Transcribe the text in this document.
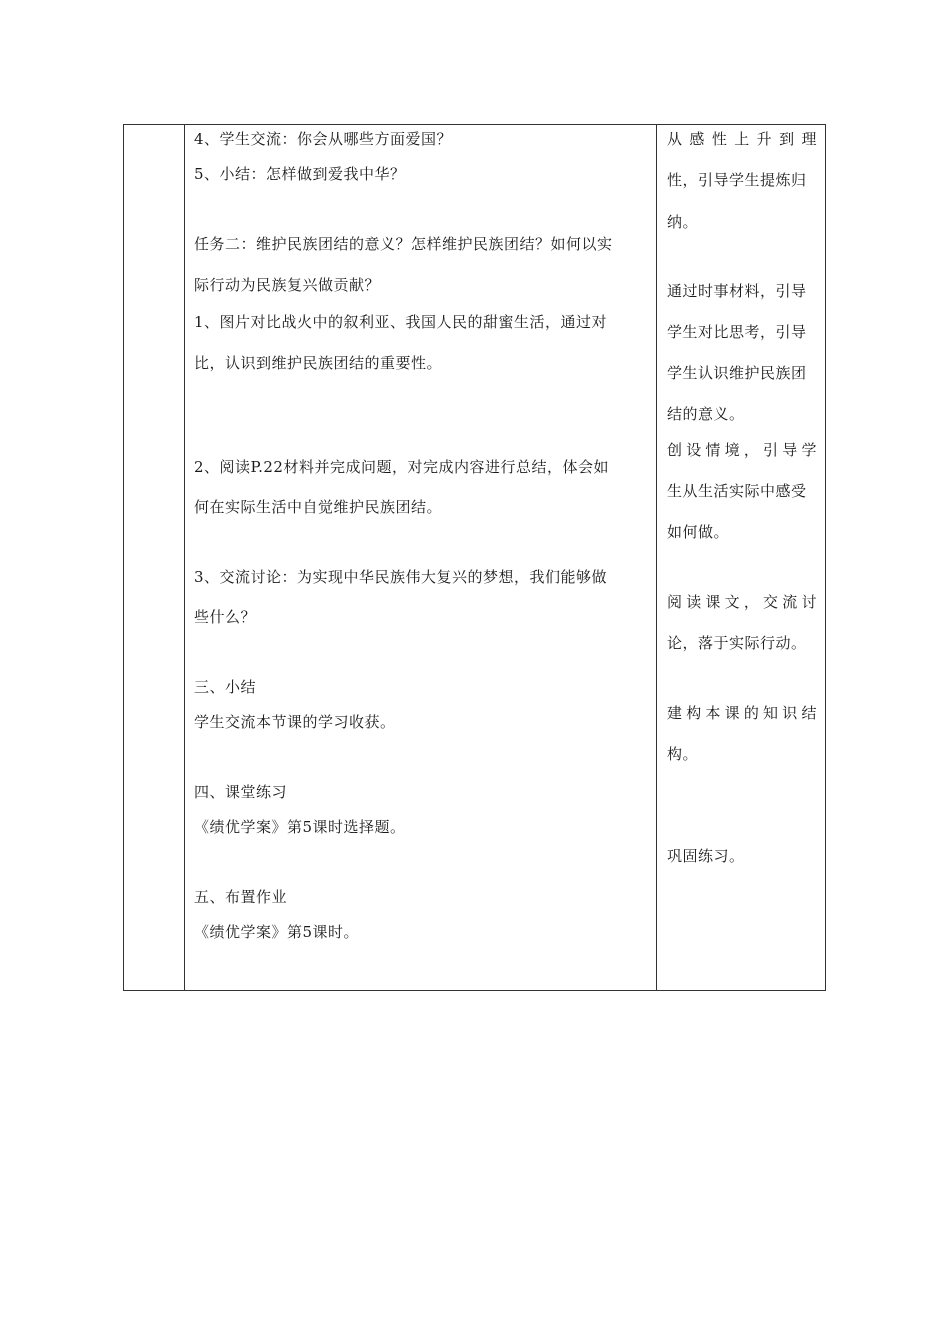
4、学生交流：你会从哪些方面爱国？
5、小结：怎样做到爱我中华？
任务二：维护民族团结的意义？怎样维护民族团结？如何以实
际行动为民族复兴做贡献？
1、图片对比战火中的叙利亚、我国人民的甜蜜生活，通过对
比，认识到维护民族团结的重要性。
2、阅读P.22材料并完成问题，对完成内容进行总结，体会如
何在实际生活中自觉维护民族团结。
3、交流讨论：为实现中华民族伟大复兴的梦想，我们能够做
些什么？
三、小结
学生交流本节课的学习收获。
四、课堂练习
《绩优学案》第5课时选择题。
五、布置作业
《绩优学案》第5课时。
从感性上升到理
性，引导学生提炼归
纳。
通过时事材料，引导
学生对比思考，引导
学生认识维护民族团
结的意义。
创设情境，引导学
生从生活实际中感受
如何做。
阅读课文，交流讨
论，落于实际行动。
建构本课的知识结
构。
巩固练习。
